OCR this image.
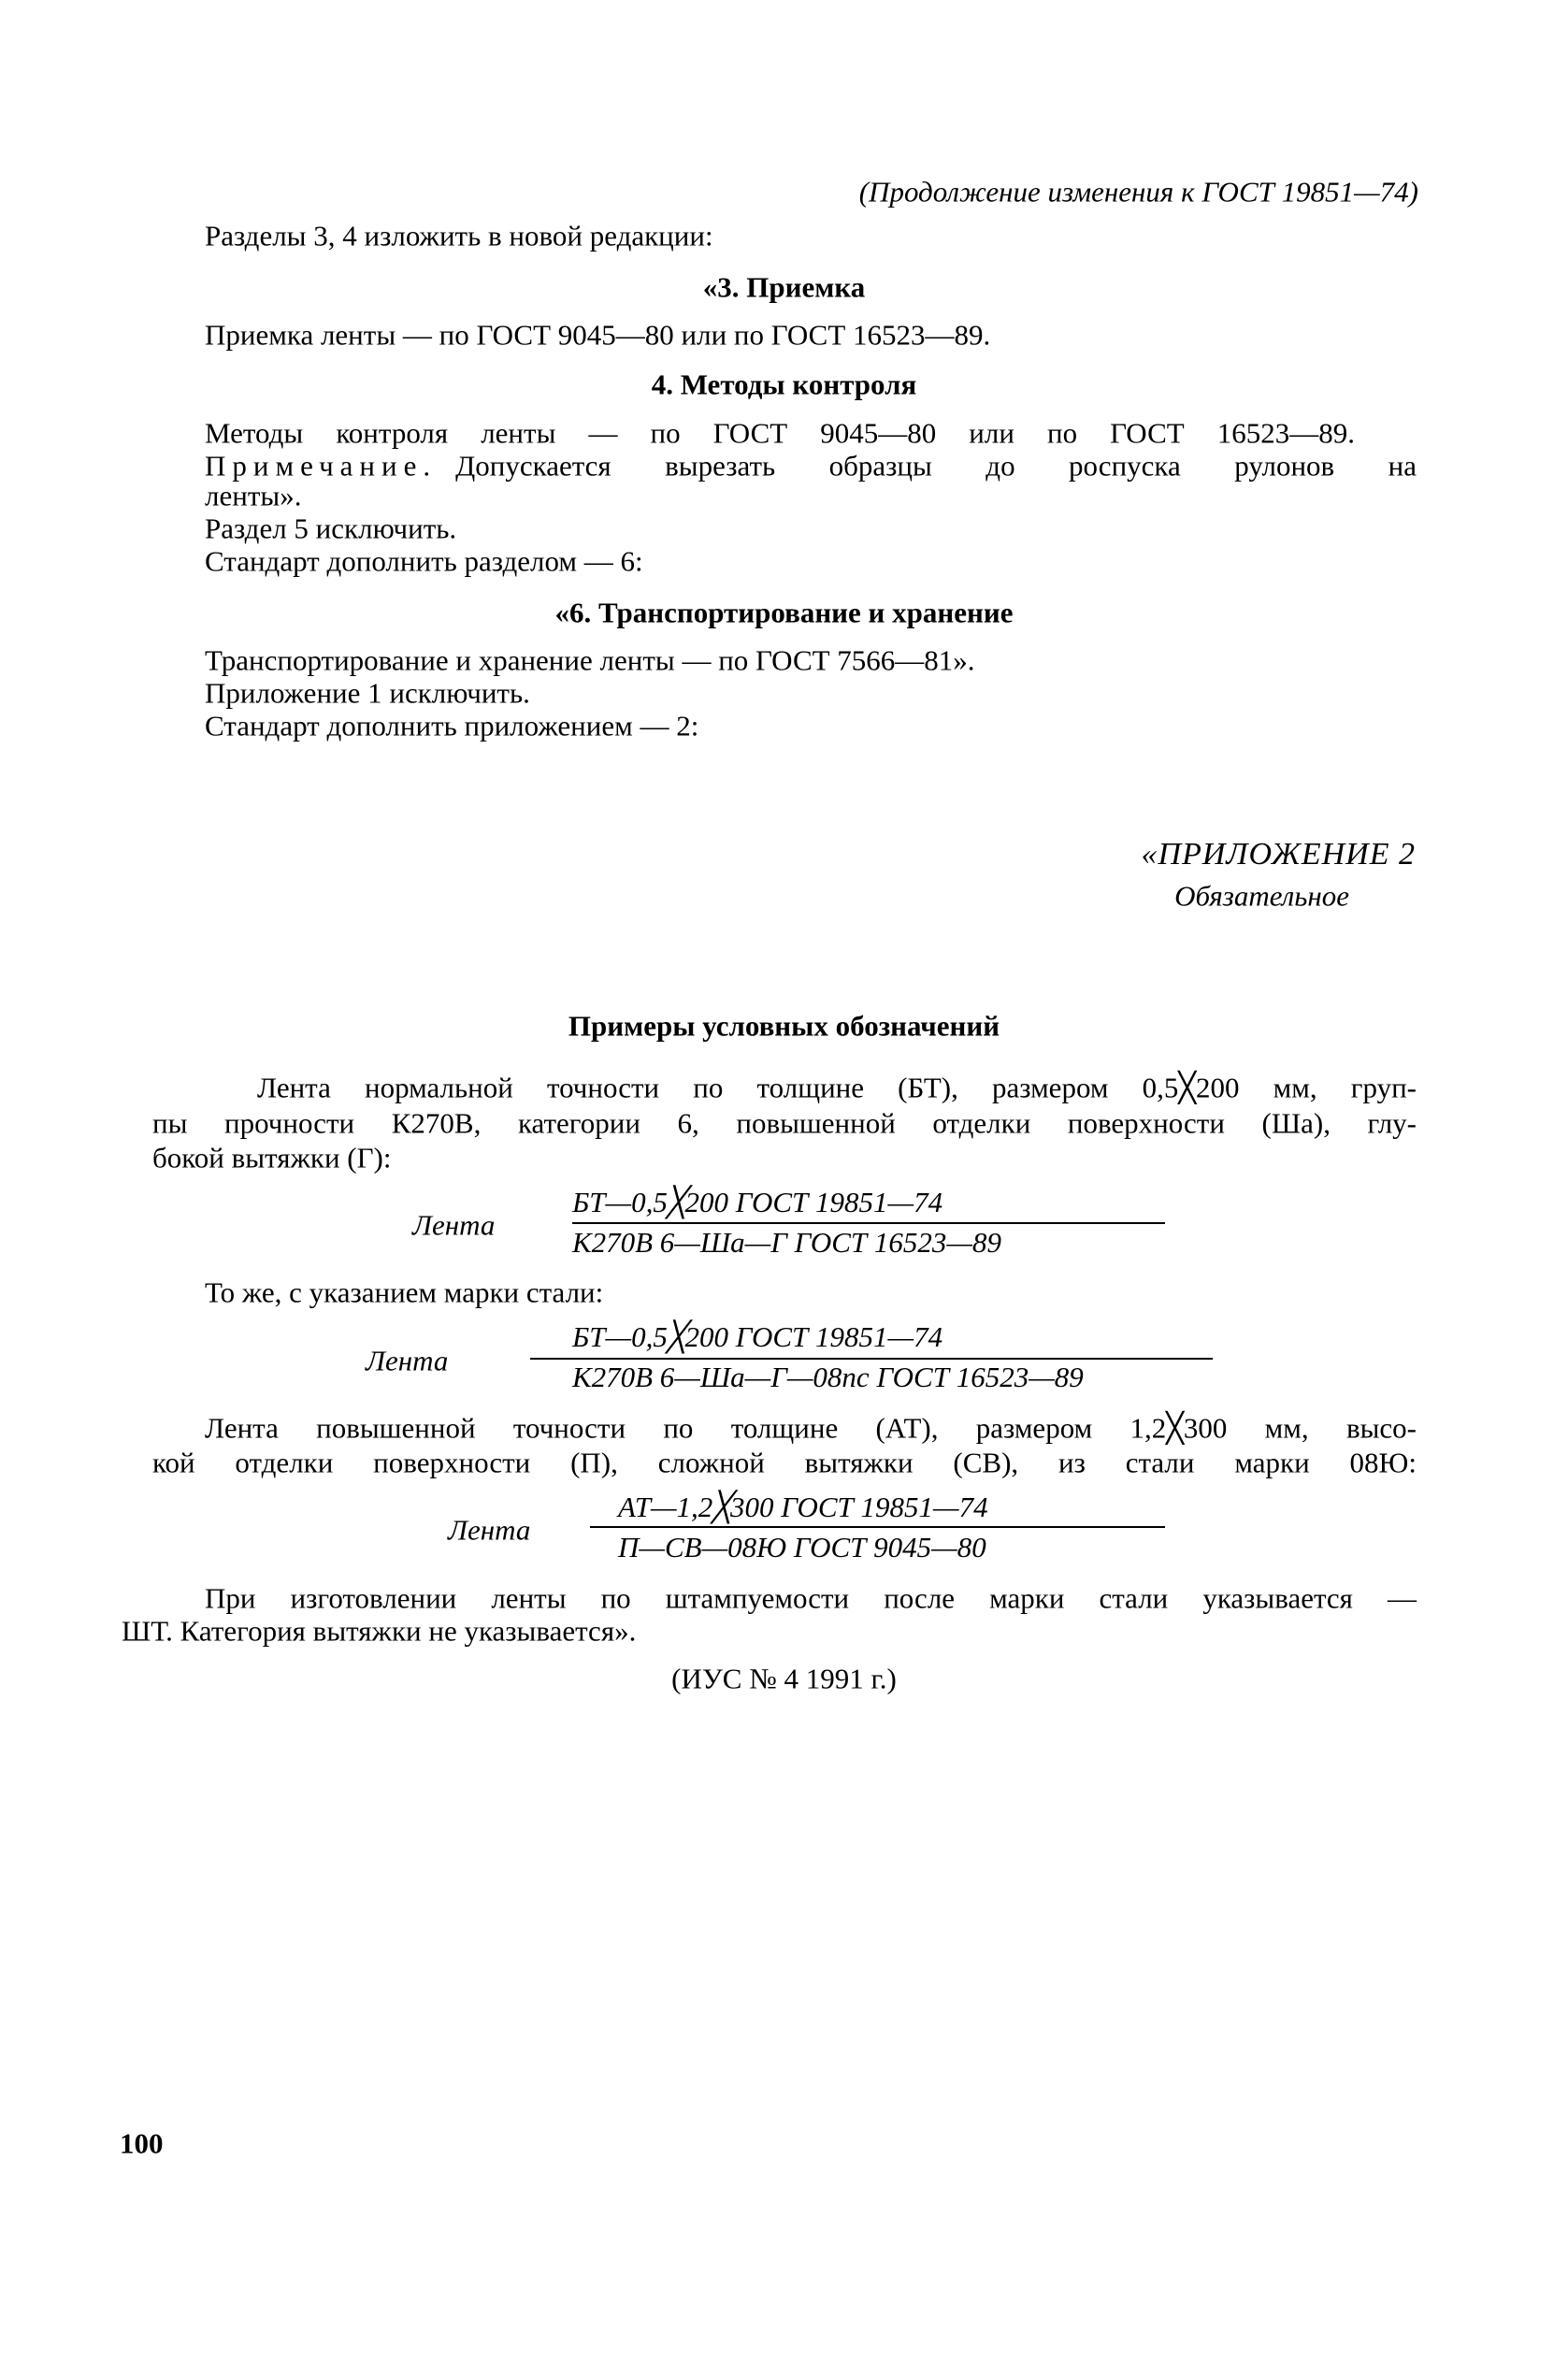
(Продолжение изменения к ГОСТ 19851—74)
Разделы 3, 4 изложить в новой редакции:
«3. Приемка
Приемка ленты — по ГОСТ 9045—80 или по ГОСТ 16523—89.
4. Методы контроля
Методы контроля ленты — по ГОСТ 9045—80 или по ГОСТ 16523—89.
Примечание. Допускается вырезать образцы до роспуска рулонов на
ленты».
Раздел 5 исключить.
Стандарт дополнить разделом — 6:
«6. Транспортирование и хранение
Транспортирование и хранение ленты — по ГОСТ 7566—81».
Приложение 1 исключить.
Стандарт дополнить приложением — 2:
«ПРИЛОЖЕНИЕ 2
Обязательное
Примеры условных обозначений
Лента нормальной точности по толщине (БТ), размером 0,5╳200 мм, груп-
пы прочности К270В, категории 6, повышенной отделки поверхности (Ша), глу-
бокой вытяжки (Г):
Лента
БТ—0,5╳200 ГОСТ 19851—74
К270В 6—Ша—Г ГОСТ 16523—89
То же, с указанием марки стали:
Лента
БТ—0,5╳200 ГОСТ 19851—74
К270В 6—Ша—Г—08пс ГОСТ 16523—89
Лента повышенной точности по толщине (АТ), размером 1,2╳300 мм, высо-
кой отделки поверхности (П), сложной вытяжки (СВ), из стали марки 08Ю:
Лента
АТ—1,2╳300 ГОСТ 19851—74
П—СВ—08Ю ГОСТ 9045—80
При изготовлении ленты по штампуемости после марки стали указывается —
ШТ. Категория вытяжки не указывается».
(ИУС № 4 1991 г.)
100
